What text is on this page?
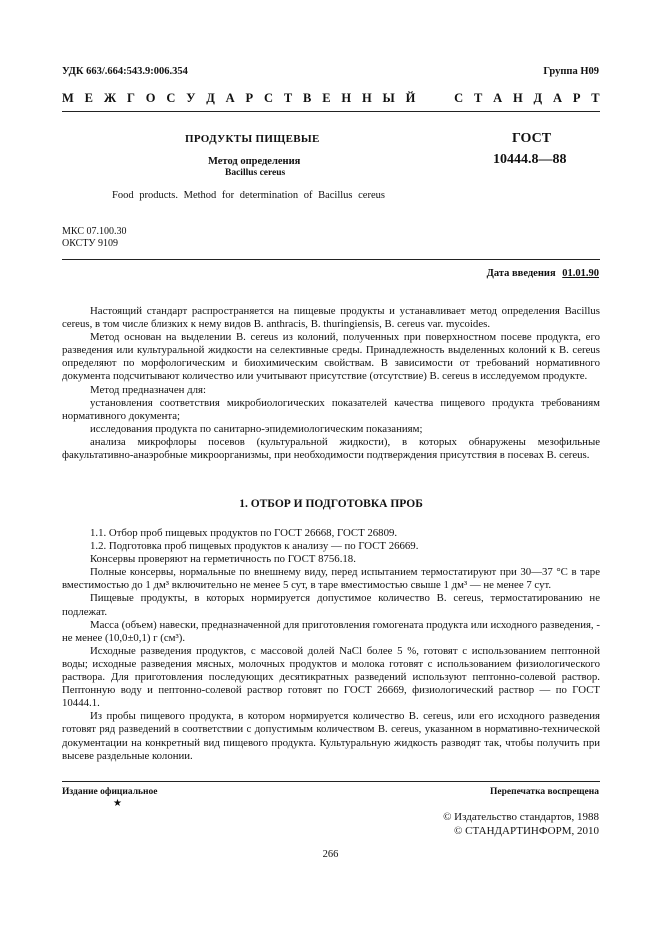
УДК 663/.664:543.9:006.354	Группа Н09
М Е Ж Г О С У Д А Р С Т В Е Н Н Ы Й

	С Т А Н Д А Р Т
ПРОДУКТЫ ПИЩЕВЫЕ
Метод определения
Bacillus cereus
Food products. Method for determination of Bacillus cereus
ГОСТ
10444.8—88
МКС 07.100.30
ОКСТУ 9109
Дата введения 01.01.90

Настоящий стандарт распространяется на пищевые продукты и устанавливает метод определения Bacillus cereus, в том числе близких к нему видов B. anthracis, B. thuringiensis, B. cereus var. mycoides.

Метод основан на выделении B. cereus из колоний, полученных при поверхностном посеве продукта, его разведения или культуральной жидкости на селективные среды. Принадлежность выделенных колоний к B. cereus определяют по морфологическим и биохимическим свойствам. В зависимости от требований нормативного документа подсчитывают количество или учитывают присутствие (отсутствие) B. cereus в исследуемом продукте.

Метод предназначен для:

установления соответствия микробиологических показателей качества пищевого продукта требованиям нормативного документа;

исследования продукта по санитарно-эпидемиологическим показаниям;

анализа микрофлоры посевов (культуральной жидкости), в которых обнаружены мезофильные факультативно-анаэробные микроорганизмы, при необходимости подтверждения присутствия в посевах B. cereus.

1. ОТБОР И ПОДГОТОВКА ПРОБ

1.1. Отбор проб пищевых продуктов по ГОСТ 26668, ГОСТ 26809.

1.2. Подготовка проб пищевых продуктов к анализу — по ГОСТ 26669.

Консервы проверяют на герметичность по ГОСТ 8756.18.

Полные консервы, нормальные по внешнему виду, перед испытанием термостатируют при 30—37 °С в таре вместимостью до 1 дм³ включительно не менее 5 сут, в таре вместимостью свыше 1 дм³ — не менее 7 сут.

Пищевые продукты, в которых нормируется допустимое количество B. cereus, термостатированию не подлежат.

Масса (объем) навески, предназначенной для приготовления гомогената продукта или исходного разведения, - не менее (10,0±0,1) г (см³).

Исходные разведения продуктов, с массовой долей NaCl более 5 %, готовят с использованием пептонной воды; исходные разведения мясных, молочных продуктов и молока готовят с использованием физиологического раствора. Для приготовления последующих десятикратных разведений используют пептонно-солевой раствор. Пептонную воду и пептонно-солевой раствор готовят по ГОСТ 26669, физиологический раствор — по ГОСТ 10444.1.

Из пробы пищевого продукта, в котором нормируется количество B. cereus, или его исходного разведения готовят ряд разведений в соответствии с допустимым количеством B. cereus, указанном в нормативно-технической документации на конкретный вид пищевого продукта. Культуральную жидкость разводят так, чтобы получить при высеве раздельные колонии.

Издание официальное	Перепечатка воспрещена
★
© Издательство стандартов, 1988
© СТАНДАРТИНФОРМ, 2010
266
